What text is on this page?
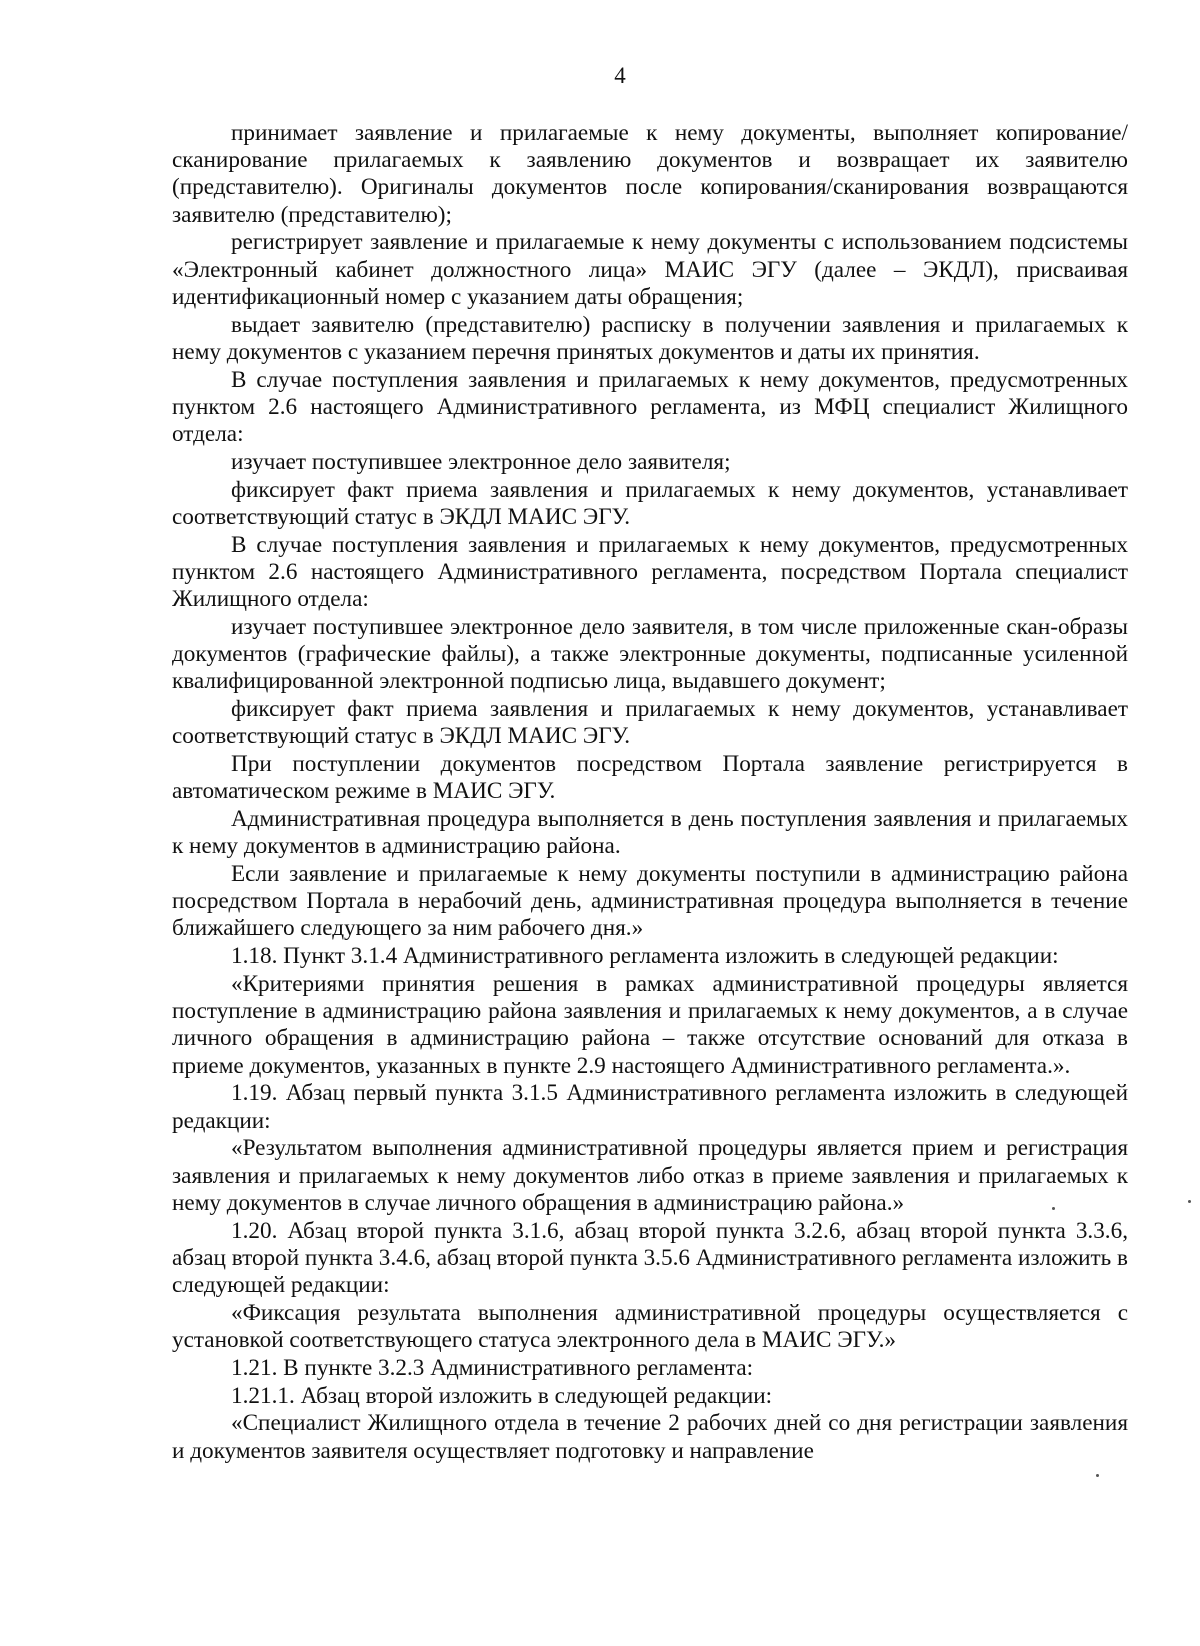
4

принимает заявление и прилагаемые к нему документы, выполняет копирование/сканирование прилагаемых к заявлению документов и возвращает их заявителю (представителю). Оригиналы документов после копирования/сканирования возвращаются заявителю (представителю);

регистрирует заявление и прилагаемые к нему документы с использованием подсистемы «Электронный кабинет должностного лица» МАИС ЭГУ (далее – ЭКДЛ), присваивая идентификационный номер с указанием даты обращения;

выдает заявителю (представителю) расписку в получении заявления и прилагаемых к нему документов с указанием перечня принятых документов и даты их принятия.

В случае поступления заявления и прилагаемых к нему документов, предусмотренных пунктом 2.6 настоящего Административного регламента, из МФЦ специалист Жилищного отдела:

изучает поступившее электронное дело заявителя;

фиксирует факт приема заявления и прилагаемых к нему документов, устанавливает соответствующий статус в ЭКДЛ МАИС ЭГУ.

В случае поступления заявления и прилагаемых к нему документов, предусмотренных пунктом 2.6 настоящего Административного регламента, посредством Портала специалист Жилищного отдела:

изучает поступившее электронное дело заявителя, в том числе приложенные скан-образы документов (графические файлы), а также электронные документы, подписанные усиленной квалифицированной электронной подписью лица, выдавшего документ;

фиксирует факт приема заявления и прилагаемых к нему документов, устанавливает соответствующий статус в ЭКДЛ МАИС ЭГУ.

При поступлении документов посредством Портала заявление регистрируется в автоматическом режиме в МАИС ЭГУ.

Административная процедура выполняется в день поступления заявления и прилагаемых к нему документов в администрацию района.

Если заявление и прилагаемые к нему документы поступили в администрацию района посредством Портала в нерабочий день, административная процедура выполняется в течение ближайшего следующего за ним рабочего дня.»

1.18. Пункт 3.1.4 Административного регламента изложить в следующей редакции:

«Критериями принятия решения в рамках административной процедуры является поступление в администрацию района заявления и прилагаемых к нему документов, а в случае личного обращения в администрацию района – также отсутствие оснований для отказа в приеме документов, указанных в пункте 2.9 настоящего Административного регламента.».

1.19. Абзац первый пункта 3.1.5 Административного регламента изложить в следующей редакции:

«Результатом выполнения административной процедуры является прием и регистрация заявления и прилагаемых к нему документов либо отказ в приеме заявления и прилагаемых к нему документов в случае личного обращения в администрацию района.»

1.20. Абзац второй пункта 3.1.6, абзац второй пункта 3.2.6, абзац второй пункта 3.3.6, абзац второй пункта 3.4.6, абзац второй пункта 3.5.6 Административного регламента изложить в следующей редакции:

«Фиксация результата выполнения административной процедуры осуществляется с установкой соответствующего статуса электронного дела в МАИС ЭГУ.»

1.21. В пункте 3.2.3 Административного регламента:

1.21.1. Абзац второй изложить в следующей редакции:

«Специалист Жилищного отдела в течение 2 рабочих дней со дня регистрации заявления и документов заявителя осуществляет подготовку и направление
